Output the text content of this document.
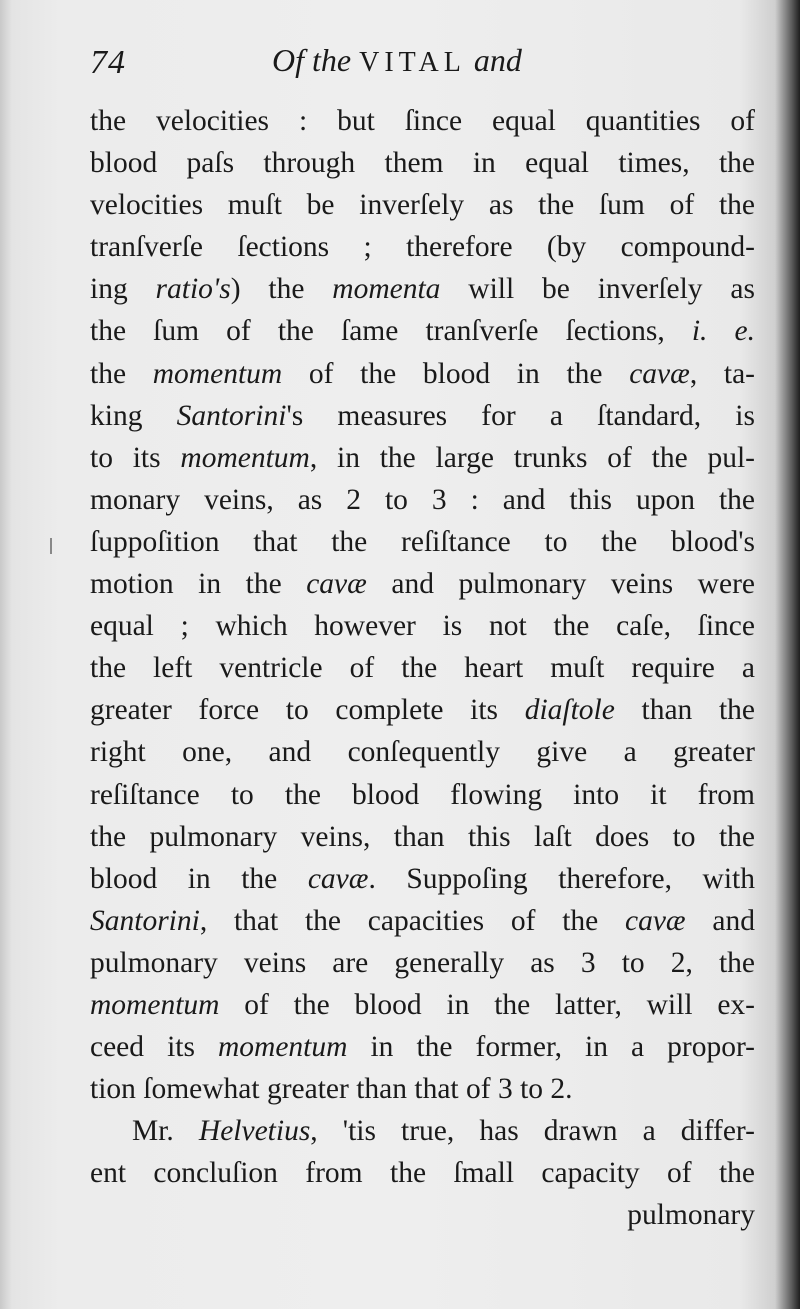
74	Of the VITAL and
the velocities : but ſince equal quantities of
blood paſs through them in equal times, the
velocities muſt be inverſely as the ſum of the
tranſverſe ſections ; therefore (by compound-
ing ratio's) the momenta will be inverſely as
the ſum of the ſame tranſverſe ſections, i. e.
the momentum of the blood in the cavæ, ta-
king Santorini's measures for a ſtandard, is
to its momentum, in the large trunks of the pul-
monary veins, as 2 to 3 : and this upon the
ſuppoſition that the reſiſtance to the blood's
motion in the cavæ and pulmonary veins were
equal ; which however is not the caſe, ſince
the left ventricle of the heart muſt require a
greater force to complete its diaſtole than the
right one, and conſequently give a greater
reſiſtance to the blood flowing into it from
the pulmonary veins, than this laſt does to the
blood in the cavæ. Suppoſing therefore, with
Santorini, that the capacities of the cavæ and
pulmonary veins are generally as 3 to 2, the
momentum of the blood in the latter, will ex-
ceed its momentum in the former, in a propor-
tion ſomewhat greater than that of 3 to 2.
Mr. Helvetius, 'tis true, has drawn a differ-
ent concluſion from the ſmall capacity of the
pulmonary
